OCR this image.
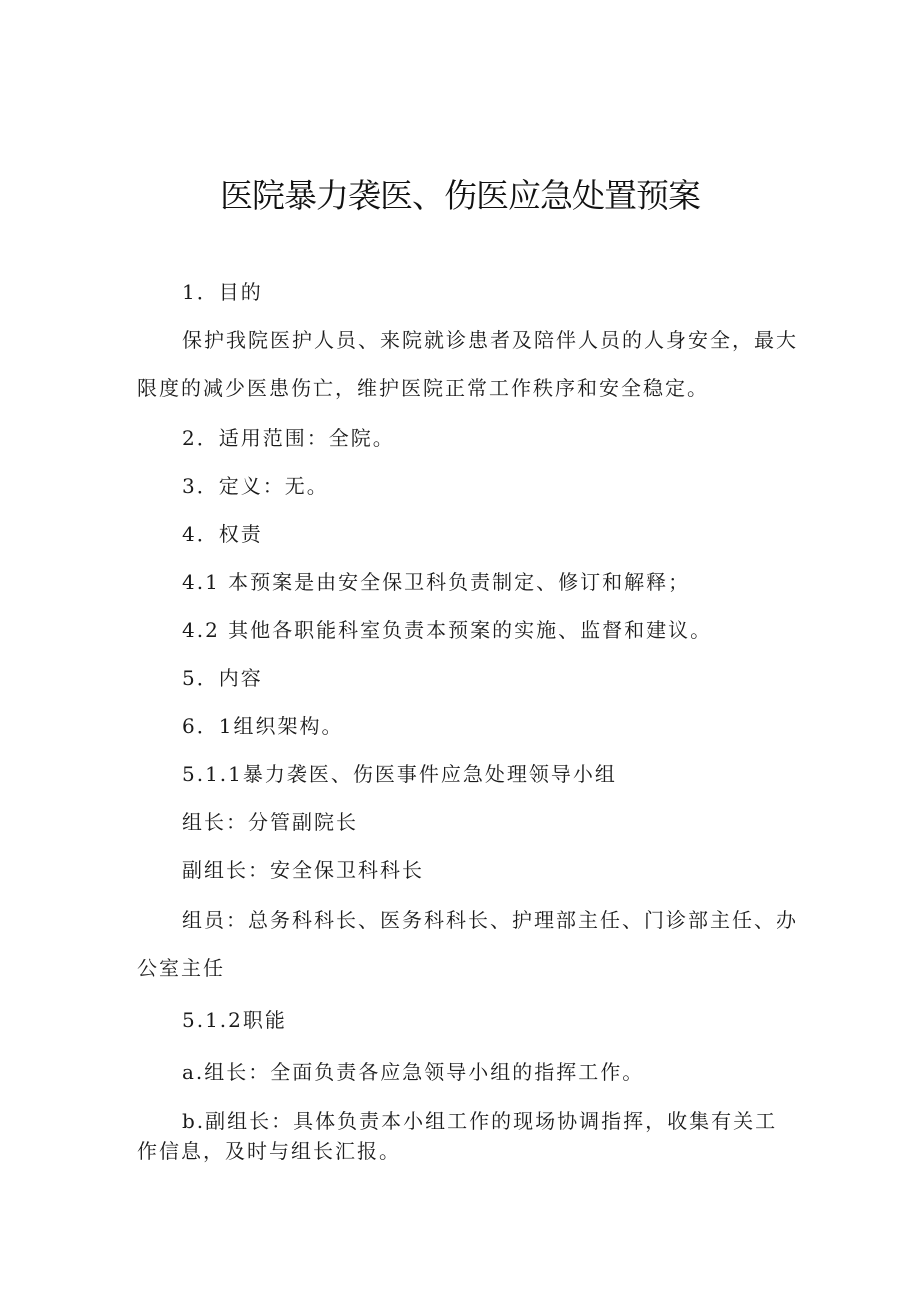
医院暴力袭医、伤医应急处置预案

1．目的

保护我院医护人员、来院就诊患者及陪伴人员的人身安全，最大

限度的减少医患伤亡，维护医院正常工作秩序和安全稳定。

2．适用范围：全院。

3．定义：无。

4．权责

4.1 本预案是由安全保卫科负责制定、修订和解释；

4.2 其他各职能科室负责本预案的实施、监督和建议。

5．内容

6．1组织架构。

5.1.1暴力袭医、伤医事件应急处理领导小组

组长：分管副院长

副组长：安全保卫科科长

组员：总务科科长、医务科科长、护理部主任、门诊部主任、办

公室主任

5.1.2职能

a.组长：全面负责各应急领导小组的指挥工作。

b.副组长：具体负责本小组工作的现场协调指挥，收集有关工作信息，及时与组长汇报。
